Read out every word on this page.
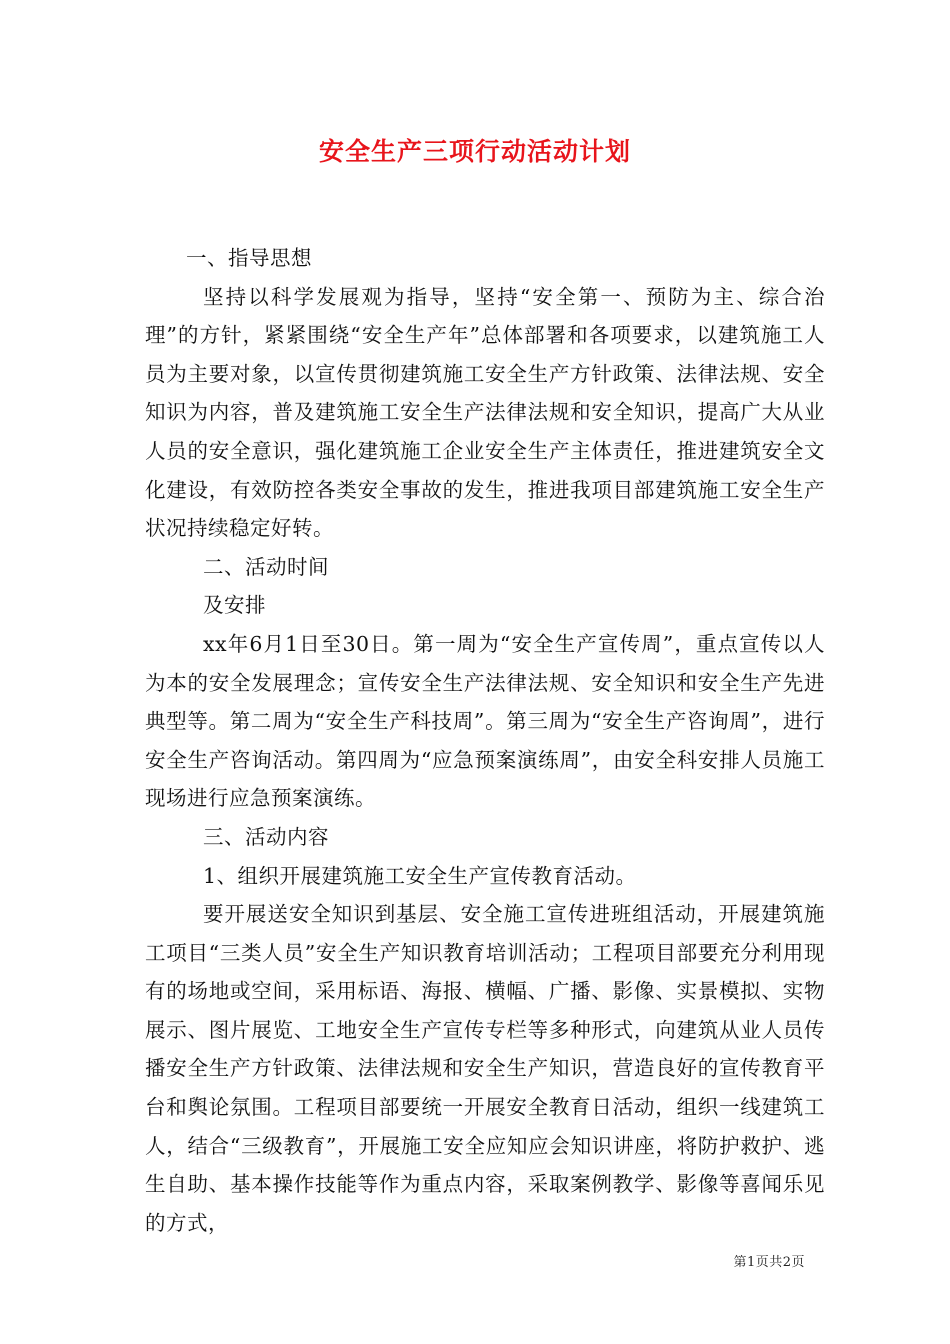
安全生产三项行动活动计划

一、指导思想

坚持以科学发展观为指导，坚持“安全第一、预防为主、综合治理”的方针，紧紧围绕“安全生产年”总体部署和各项要求，以建筑施工人员为主要对象，以宣传贯彻建筑施工安全生产方针政策、法律法规、安全知识为内容，普及建筑施工安全生产法律法规和安全知识，提高广大从业人员的安全意识，强化建筑施工企业安全生产主体责任，推进建筑安全文化建设，有效防控各类安全事故的发生，推进我项目部建筑施工安全生产状况持续稳定好转。

二、活动时间

及安排

xx年6月1日至30日。第一周为“安全生产宣传周”，重点宣传以人为本的安全发展理念；宣传安全生产法律法规、安全知识和安全生产先进典型等。第二周为“安全生产科技周”。第三周为“安全生产咨询周”，进行安全生产咨询活动。第四周为“应急预案演练周”，由安全科安排人员施工现场进行应急预案演练。

三、活动内容

1、组织开展建筑施工安全生产宣传教育活动。

要开展送安全知识到基层、安全施工宣传进班组活动，开展建筑施工项目“三类人员”安全生产知识教育培训活动；工程项目部要充分利用现有的场地或空间，采用标语、海报、横幅、广播、影像、实景模拟、实物展示、图片展览、工地安全生产宣传专栏等多种形式，向建筑从业人员传播安全生产方针政策、法律法规和安全生产知识，营造良好的宣传教育平台和舆论氛围。工程项目部要统一开展安全教育日活动，组织一线建筑工人，结合“三级教育”，开展施工安全应知应会知识讲座，将防护救护、逃生自助、基本操作技能等作为重点内容，采取案例教学、影像等喜闻乐见的方式，

第1页共2页
